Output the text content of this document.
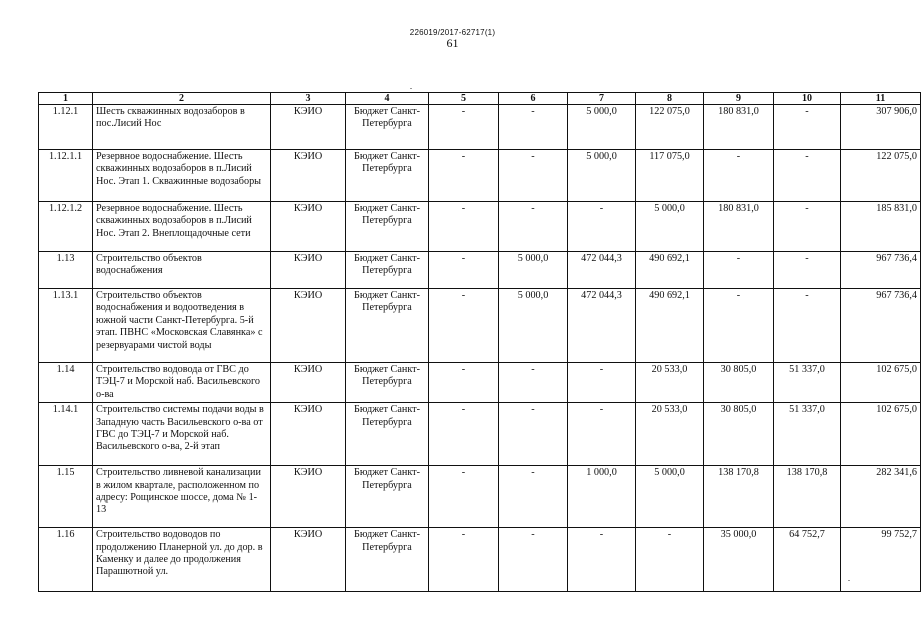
226019/2017-62717(1)
61
1	2	3	4	5	6	7	8	9	10	11
1.12.1	Шесть скважинных водозаборов в пос.Лисий Нос	КЭИО	Бюджет Санкт-Петербурга	-	-	5 000,0	122 075,0	180 831,0	-	307 906,0
1.12.1.1	Резервное водоснабжение. Шесть скважинных водозаборов в п.Лисий Нос. Этап 1. Скважинные водозаборы	КЭИО	Бюджет Санкт-Петербурга	-	-	5 000,0	117 075,0	-	-	122 075,0
1.12.1.2	Резервное водоснабжение. Шесть скважинных водозаборов в п.Лисий Нос. Этап 2. Внеплощадочные сети	КЭИО	Бюджет Санкт-Петербурга	-	-	-	5 000,0	180 831,0	-	185 831,0
1.13	Строительство объектов водоснабжения	КЭИО	Бюджет Санкт-Петербурга	-	5 000,0	472 044,3	490 692,1	-	-	967 736,4
1.13.1	Строительство объектов водоснабжения и водоотведения в южной части Санкт-Петербурга. 5-й этап. ПВНС «Московская Славянка» с резервуарами чистой воды	КЭИО	Бюджет Санкт-Петербурга	-	5 000,0	472 044,3	490 692,1	-	-	967 736,4
1.14	Строительство водовода от ГВС до ТЭЦ-7 и Морской наб. Васильевского о-ва	КЭИО	Бюджет Санкт-Петербурга	-	-	-	20 533,0	30 805,0	51 337,0	102 675,0
1.14.1	Строительство системы подачи воды в Западную часть Васильевского о-ва от ГВС до ТЭЦ-7 и Морской наб. Васильевского о-ва, 2-й этап	КЭИО	Бюджет Санкт-Петербурга	-	-	-	20 533,0	30 805,0	51 337,0	102 675,0
1.15	Строительство ливневой канализации в жилом квартале, расположенном по адресу: Рощинское шоссе, дома № 1-13	КЭИО	Бюджет Санкт-Петербурга	-	-	1 000,0	5 000,0	138 170,8	138 170,8	282 341,6
1.16	Строительство водоводов по продолжению Планерной ул. до дор. в Каменку и далее до продолжения Парашютной ул.	КЭИО	Бюджет Санкт-Петербурга	-	-	-	-	35 000,0	64 752,7	99 752,7
